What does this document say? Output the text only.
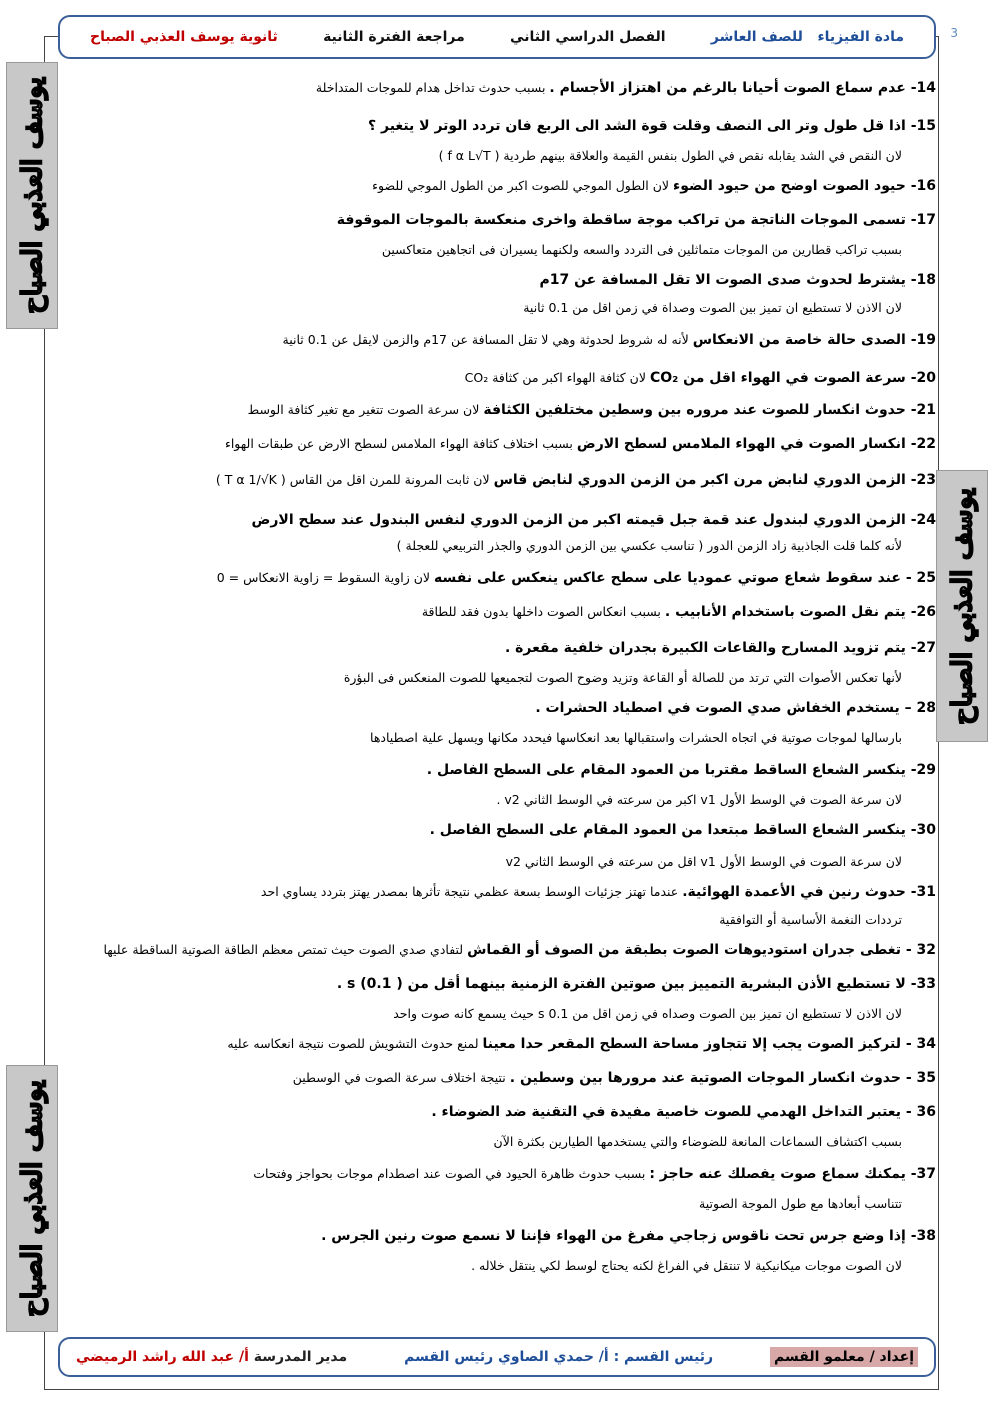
3
ثانوية يوسف العذبي الصباح	مراجعة الفترة الثانية	الفصل الدراسي الثاني	مادة الفيزياء   للصف العاشر
يوسف العذبي الصباح
يوسف العذبي الصباح
يوسف العذبي الصباح
14- عدم سماع الصوت أحيانا بالرغم من اهتزاز الأجسام . بسبب حدوث تداخل هدام للموجات المتداخلة
15- اذا قل طول وتر الى النصف وقلت قوة الشد الى الربع فان تردد الوتر لا يتغير ؟
لان النقص في الشد يقابله نقص في الطول بنفس القيمة والعلاقة بينهم طردية ( f α L√T )
16- حيود الصوت اوضح من حيود الضوء لان الطول الموجي للصوت اكبر من الطول الموجي للضوء
17- تسمى الموجات الناتجة من تراكب موجة ساقطة واخرى منعكسة بالموجات الموقوفة
بسبب تراكب قطارين من الموجات متماثلين فى التردد والسعه ولكنهما يسيران فى اتجاهين متعاكسين
18- يشترط لحدوث صدى الصوت الا تقل المسافة عن 17م
لان الاذن لا تستطيع ان تميز بين الصوت وصداة في زمن اقل من 0.1 ثانية
19- الصدى حالة خاصة من الانعكاس لأنه له شروط لحدوثة وهي لا تقل المسافة عن 17م والزمن لايقل عن 0.1 ثانية
20- سرعة الصوت في الهواء اقل من CO₂ لان كثافة الهواء اكبر من كثافة CO₂
21- حدوث انكسار للصوت عند مروره بين وسطين مختلفين الكثافة لان سرعة الصوت تتغير مع تغير كثافة الوسط
22- انكسار الصوت في الهواء الملامس لسطح الارض بسبب اختلاف كثافة الهواء الملامس لسطح الارض عن طبقات الهواء
23- الزمن الدوري لنابض مرن اكبر من الزمن الدوري لنابض قاس لان ثابت المرونة للمرن اقل من القاس ( T α 1/√K )
24- الزمن الدوري لبندول عند قمة جبل قيمته اكبر من الزمن الدوري لنفس البندول عند سطح الارض
لأنه كلما قلت الجاذبية زاد الزمن الدور ( تناسب عكسي بين الزمن الدوري والجذر التربيعي للعجلة )
25 - عند سقوط شعاع صوتي عموديا على سطح عاكس ينعكس على نفسه لان زاوية السقوط = زاوية الانعكاس = 0
26- يتم نقل الصوت باستخدام الأنابيب . بسبب انعكاس الصوت داخلها بدون فقد للطاقة
27- يتم تزويد المسارح والقاعات الكبيرة بجدران خلفية مقعرة .
لأنها تعكس الأصوات التي ترتد من للصالة أو القاعة وتزيد وضوح الصوت لتجميعها للصوت المنعكس فى البؤرة
28 – يستخدم الخفاش صدي الصوت في اصطياد الحشرات .
بارسالها لموجات صوتية في اتجاه الحشرات واستقبالها بعد انعكاسها فيحدد مكانها ويسهل علية اصطيادها
29- ينكسر الشعاع الساقط مقتربا من العمود المقام على السطح الفاصل .
لان سرعة الصوت في الوسط الأول v1 اكبر من سرعته في الوسط الثاني v2 .
30- ينكسر الشعاع الساقط مبتعدا من العمود المقام على السطح الفاصل .
لان سرعة الصوت في الوسط الأول v1 اقل من سرعته في الوسط الثاني v2
31- حدوث رنين في الأعمدة الهوائية. عندما تهتز جزئيات الوسط بسعة عظمي نتيجة تأثرها بمصدر يهتز بتردد يساوي احد
ترددات النغمة الأساسية أو التوافقية
32 - تغطى جدران استوديوهات الصوت بطبقة من الصوف أو القماش لتفادي صدي الصوت حيث تمتص معظم الطاقة الصوتية الساقطة عليها
33- لا تستطيع الأذن البشرية التمييز بين صوتين الفترة الزمنية بينهما أقل من s (0.1 ) .
لان الاذن لا تستطيع ان تميز بين الصوت وصداه في زمن اقل من 0.1 s حيث يسمع كانه صوت واحد
34 - لتركيز الصوت يجب إلا تتجاوز مساحة السطح المقعر حدا معينا لمنع حدوث التشويش للصوت نتيجة انعكاسه عليه
35 - حدوث انكسار الموجات الصوتية عند مرورها بين وسطين . نتيجة اختلاف سرعة الصوت في الوسطين
36 - يعتبر التداخل الهدمي للصوت خاصية مفيدة في التقنية ضد الضوضاء .
بسبب اكتشاف السماعات المانعة للضوضاء والتي يستخدمها الطيارين بكثرة الآن
37- يمكنك سماع صوت يفصلك عنه حاجز : بسبب حدوث ظاهرة الحيود في الصوت عند اصطدام موجات بحواجز وفتحات
تتناسب أبعادها مع طول الموجة الصوتية
38- إذا وضع جرس تحت ناقوس زجاجي مفرغ من الهواء فإننا لا نسمع صوت رنين الجرس .
لان الصوت موجات ميكانيكية لا تنتقل في الفراغ لكنه يحتاج لوسط لكي ينتقل خلاله .
إعداد / معلمو القسم
رئيس القسم : أ/ حمدي الصاوي رئيس القسم
مدير المدرسة أ/ عبد الله راشد الرميضي
